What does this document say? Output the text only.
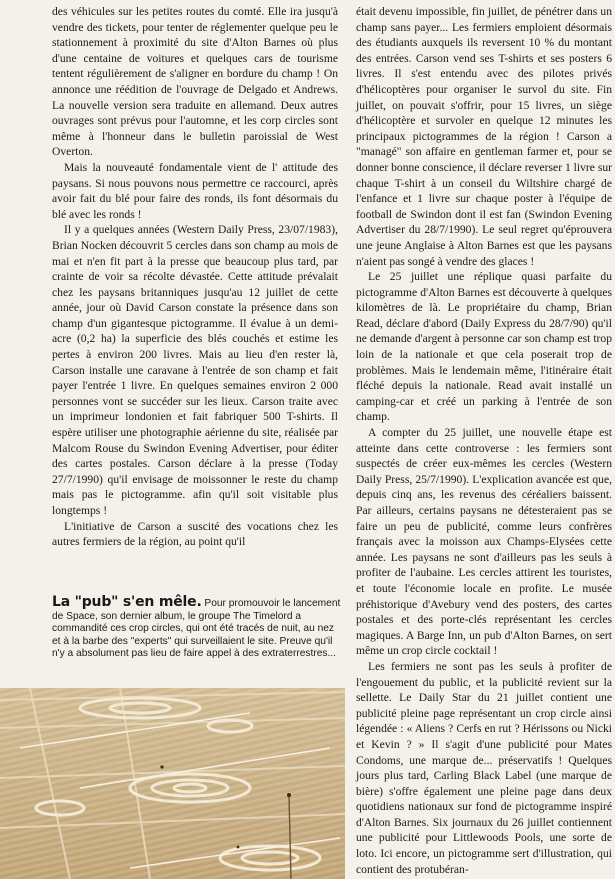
des véhicules sur les petites routes du comté. Elle ira jusqu'à vendre des tickets, pour tenter de réglementer quelque peu le stationnement à proximité du site d'Alton Barnes où plus d'une centaine de voitures et quelques cars de tourisme tentent régulièrement de s'aligner en bordure du champ ! On annonce une réédition de l'ouvrage de Delgado et Andrews. La nouvelle version sera traduite en allemand. Deux autres ouvrages sont prévus pour l'automne, et les corp circles sont même à l'honneur dans le bulletin paroissial de West Overton.

Mais la nouveauté fondamentale vient de l' attitude des paysans. Si nous pouvons nous permettre ce raccourci, après avoir fait du blé pour faire des ronds, ils font désormais du blé avec les ronds !

Il y a quelques années (Western Daily Press, 23/07/1983), Brian Nocken découvrit 5 cercles dans son champ au mois de mai et n'en fit part à la presse que beaucoup plus tard, par crainte de voir sa récolte dévastée. Cette attitude prévalait chez les paysans britanniques jusqu'au 12 juillet de cette année, jour où David Carson constate la présence dans son champ d'un gigantesque pictogramme. Il évalue à un demi-acre (0,2 ha) la superficie des blés couchés et estime les pertes à environ 200 livres. Mais au lieu d'en rester là, Carson installe une caravane à l'entrée de son champ et fait payer l'entrée 1 livre. En quelques semaines environ 2 000 personnes vont se succéder sur les lieux. Carson traite avec un imprimeur londonien et fait fabriquer 500 T-shirts. Il espère utiliser une photographie aérienne du site, réalisée par Malcom Rouse du Swindon Evening Advertiser, pour éditer des cartes postales. Carson déclare à la presse (Today 27/7/1990) qu'il envisage de moissonner le reste du champ mais pas le pictogramme. afin qu'il soit visitable plus longtemps !

L'initiative de Carson a suscité des vocations chez les autres fermiers de la région, au point qu'il

était devenu impossible, fin juillet, de pénétrer dans un champ sans payer... Les fermiers emploient désormais des étudiants auxquels ils reversent 10 % du montant des entrées. Carson vend ses T-shirts et ses posters 6 livres. Il s'est entendu avec des pilotes privés d'hélicoptères pour organiser le survol du site. Fin juillet, on pouvait s'offrir, pour 15 livres, un siège d'hélicoptère et survoler en quelque 12 minutes les principaux pictogrammes de la région ! Carson a "managé" son affaire en gentleman farmer et, pour se donner bonne conscience, il déclare reverser 1 livre sur chaque T-shirt à un conseil du Wiltshire chargé de l'enfance et 1 livre sur chaque poster à l'équipe de football de Swindon dont il est fan (Swindon Evening Advertiser du 28/7/1990). Le seul regret qu'éprouvera une jeune Anglaise à Alton Barnes est que les paysans n'aient pas songé à vendre des glaces !

Le 25 juillet une réplique quasi parfaite du pictogramme d'Alton Barnes est découverte à quelques kilomètres de là. Le propriétaire du champ, Brian Read, déclare d'abord (Daily Express du 28/7/90) qu'il ne demande d'argent à personne car son champ est trop loin de la nationale et que cela poserait trop de problèmes. Mais le lendemain même, l'itinéraire était fléché depuis la nationale. Read avait installé un camping-car et créé un parking à l'entrée de son champ.

A compter du 25 juillet, une nouvelle étape est atteinte dans cette controverse : les fermiers sont suspectés de créer eux-mêmes les cercles (Western Daily Press, 25/7/1990). L'explication avancée est que, depuis cinq ans, les revenus des céréaliers baissent. Par ailleurs, certains paysans ne détesteraient pas se faire un peu de publicité, comme leurs confrères français avec la moisson aux Champs-Elysées cette année. Les paysans ne sont d'ailleurs pas les seuls à profiter de l'aubaine. Les cercles attirent les touristes, et toute l'économie locale en profite. Le musée préhistorique d'Avebury vend des posters, des cartes postales et des porte-clés représentant les cercles magiques. A Barge Inn, un pub d'Alton Barnes, on sert même un crop circle cocktail !

Les fermiers ne sont pas les seuls à profiter de l'engouement du public, et la publicité revient sur la sellette. Le Daily Star du 21 juillet contient une publicité pleine page représentant un crop circle ainsi légendée : « Aliens ? Cerfs en rut ? Hérissons ou Nicki et Kevin ? » Il s'agit d'une publicité pour Mates Condoms, une marque de... préservatifs ! Quelques jours plus tard, Carling Black Label (une marque de bière) s'offre également une pleine page dans deux quotidiens nationaux sur fond de pictogramme inspiré d'Alton Barnes. Six journaux du 26 juillet contiennent une publicité pour Littlewoods Pools, une sorte de loto. Ici encore, un pictogramme sert d'illustration, qui contient des protubéran-

La "pub" s'en mêle. Pour promouvoir le lancement de Space, son dernier album, le groupe The Timelord a commandité ces crop circles, qui ont été tracés de nuit, au nez et à la barbe des "experts" qui surveillaient le site. Preuve qu'il n'y a absolument pas lieu de faire appel à des extraterrestres...
